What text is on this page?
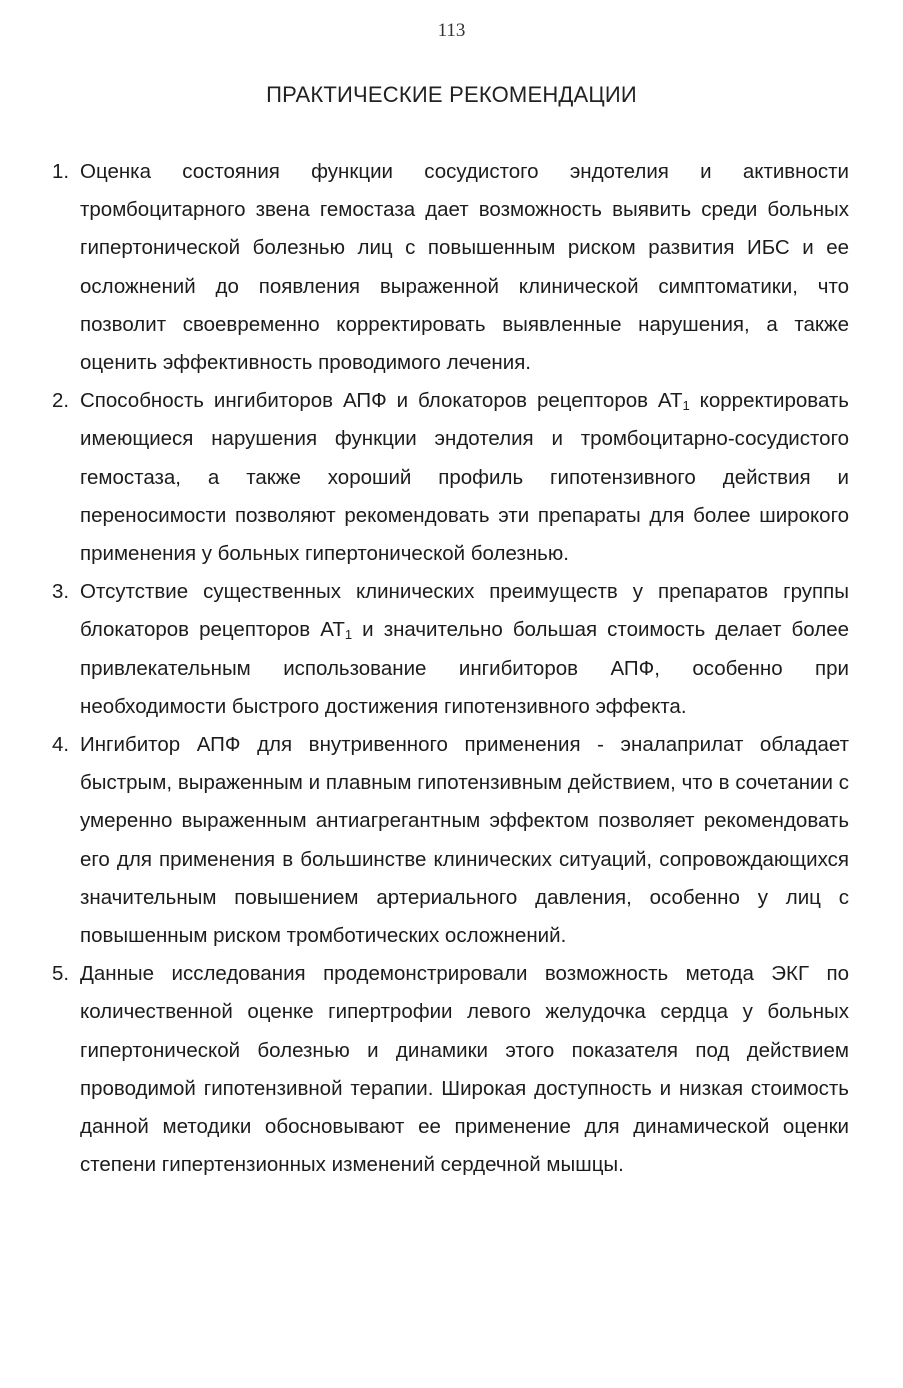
113
ПРАКТИЧЕСКИЕ РЕКОМЕНДАЦИИ
1. Оценка состояния функции сосудистого эндотелия и активности тромбоцитарного звена гемостаза дает возможность выявить среди больных гипертонической болезнью лиц с повышенным риском развития ИБС и ее осложнений до появления выраженной клинической симптоматики, что позволит своевременно корректировать выявленные нарушения, а также оценить эффективность проводимого лечения.
2. Способность ингибиторов АПФ и блокаторов рецепторов $АТ_1$ корректировать имеющиеся нарушения функции эндотелия и тромбоцитарно-сосудистого гемостаза, а также хороший профиль гипотензивного действия и переносимости позволяют рекомендовать эти препараты для более широкого применения у больных гипертонической болезнью.
3. Отсутствие существенных клинических преимуществ у препаратов группы блокаторов рецепторов $АТ_1$ и значительно большая стоимость делает более привлекательным использование ингибиторов АПФ, особенно при необходимости быстрого достижения гипотензивного эффекта.
4. Ингибитор АПФ для внутривенного применения - эналаприлат обладает быстрым, выраженным и плавным гипотензивным действием, что в сочетании с умеренно выраженным антиагрегантным эффектом позволяет рекомендовать его для применения в большинстве клинических ситуаций, сопровождающихся значительным повышением артериального давления, особенно у лиц с повышенным риском тромботических осложнений.
5. Данные исследования продемонстрировали возможность метода ЭКГ по количественной оценке гипертрофии левого желудочка сердца у больных гипертонической болезнью и динамики этого показателя под действием проводимой гипотензивной терапии. Широкая доступность и низкая стоимость данной методики обосновывают ее применение для динамической оценки степени гипертензионных изменений сердечной мышцы.
